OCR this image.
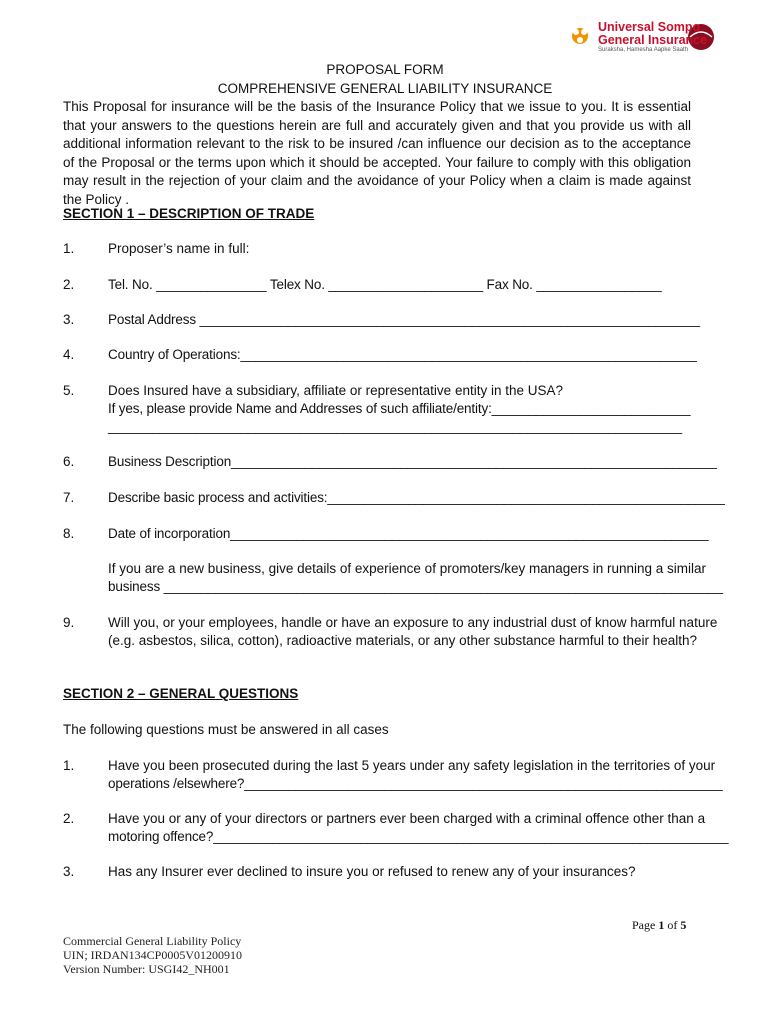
Universal Sompo
General Insurance
Suraksha, Hamesha Aapke Saath
PROPOSAL FORM
COMPREHENSIVE GENERAL LIABILITY INSURANCE
This Proposal for insurance will be the basis of the Insurance Policy that we issue to you. It is essential that your answers to the questions herein are full and accurately given and that you provide us with all additional information relevant to the risk to be insured /can influence our decision as to the acceptance of the Proposal or the terms upon which it should be accepted. Your failure to comply with this obligation may result in the rejection of your claim and the avoidance of your Policy when a claim is made against the Policy .
SECTION 1 – DESCRIPTION OF TRADE
1. Proposer’s name in full:
2. Tel. No. _______________ Telex No. _____________________ Fax No. _________________
3. Postal Address ____________________________________________________________________
4. Country of Operations:______________________________________________________________
5. Does Insured have a subsidiary, affiliate or representative entity in the USA?
If yes, please provide Name and Addresses of such affiliate/entity:___________________________
______________________________________________________________________________
6. Business Description__________________________________________________________________
7. Describe basic process and activities:______________________________________________________
8. Date of incorporation_________________________________________________________________
If you are a new business, give details of experience of promoters/key managers in running a similar
business ____________________________________________________________________________
9. Will you, or your employees, handle or have an exposure to any industrial dust of know harmful nature
(e.g. asbestos, silica, cotton), radioactive materials, or any other substance harmful to their health?
SECTION 2 – GENERAL QUESTIONS
The following questions must be answered in all cases
1. Have you been prosecuted during the last 5 years under any safety legislation in the territories of your
operations /elsewhere?_________________________________________________________________
2. Have you or any of your directors or partners ever been charged with a criminal offence other than a
motoring offence?______________________________________________________________________
3. Has any Insurer ever declined to insure you or refused to renew any of your insurances?
Page 1 of 5
Commercial General Liability Policy
UIN; IRDAN134CP0005V01200910
Version Number: USGI42_NH001
